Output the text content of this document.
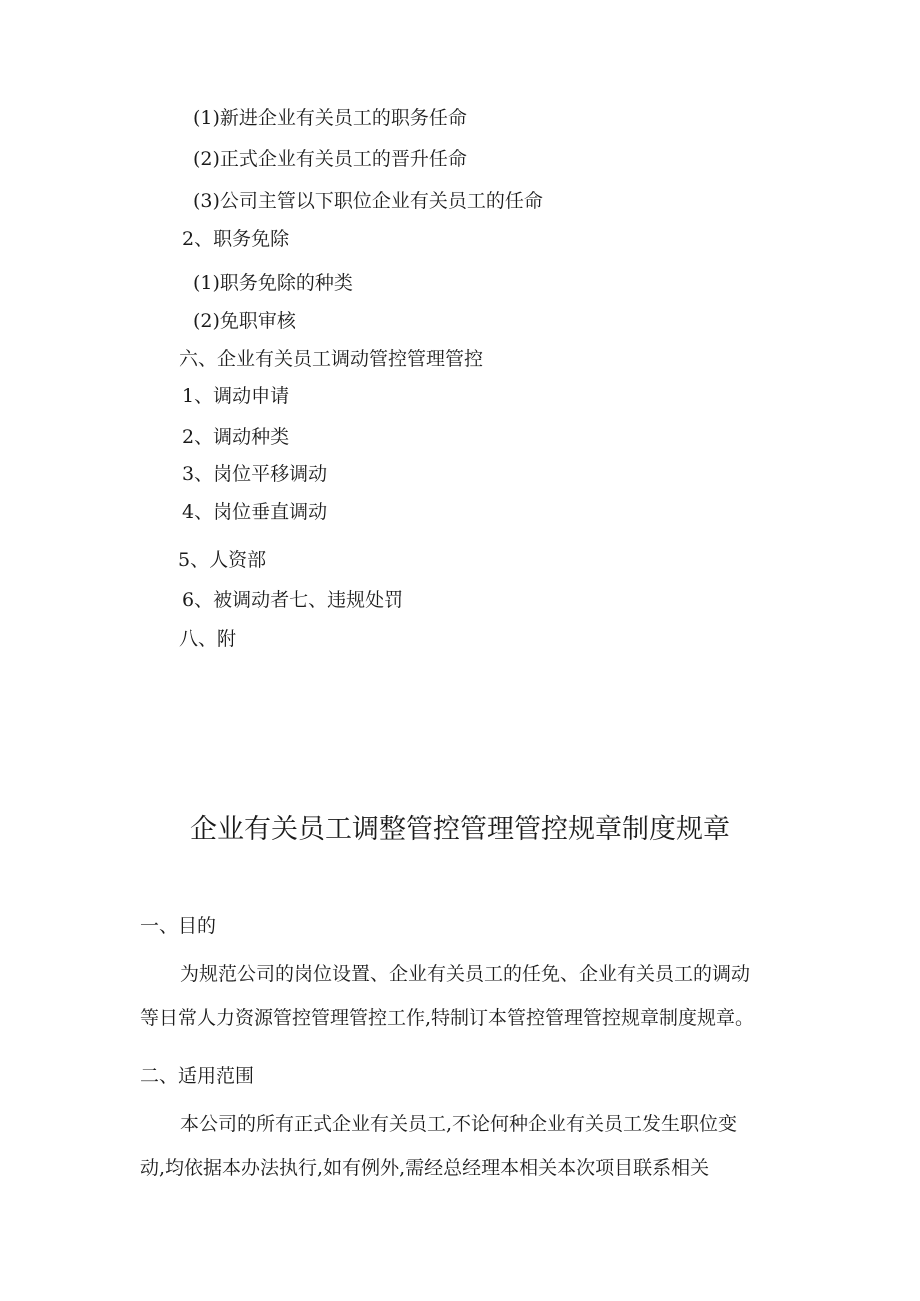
(1)新进企业有关员工的职务任命
(2)正式企业有关员工的晋升任命
(3)公司主管以下职位企业有关员工的任命
2、职务免除
(1)职务免除的种类
(2)免职审核
六、企业有关员工调动管控管理管控
1、调动申请
2、调动种类
3、岗位平移调动
4、岗位垂直调动
5、人资部
6、被调动者七、违规处罚
八、附
企业有关员工调整管控管理管控规章制度规章
一、目的
为规范公司的岗位设置、企业有关员工的任免、企业有关员工的调动
等日常人力资源管控管理管控工作,特制订本管控管理管控规章制度规章。
二、适用范围
本公司的所有正式企业有关员工,不论何种企业有关员工发生职位变
动,均依据本办法执行,如有例外,需经总经理本相关本次项目联系相关
